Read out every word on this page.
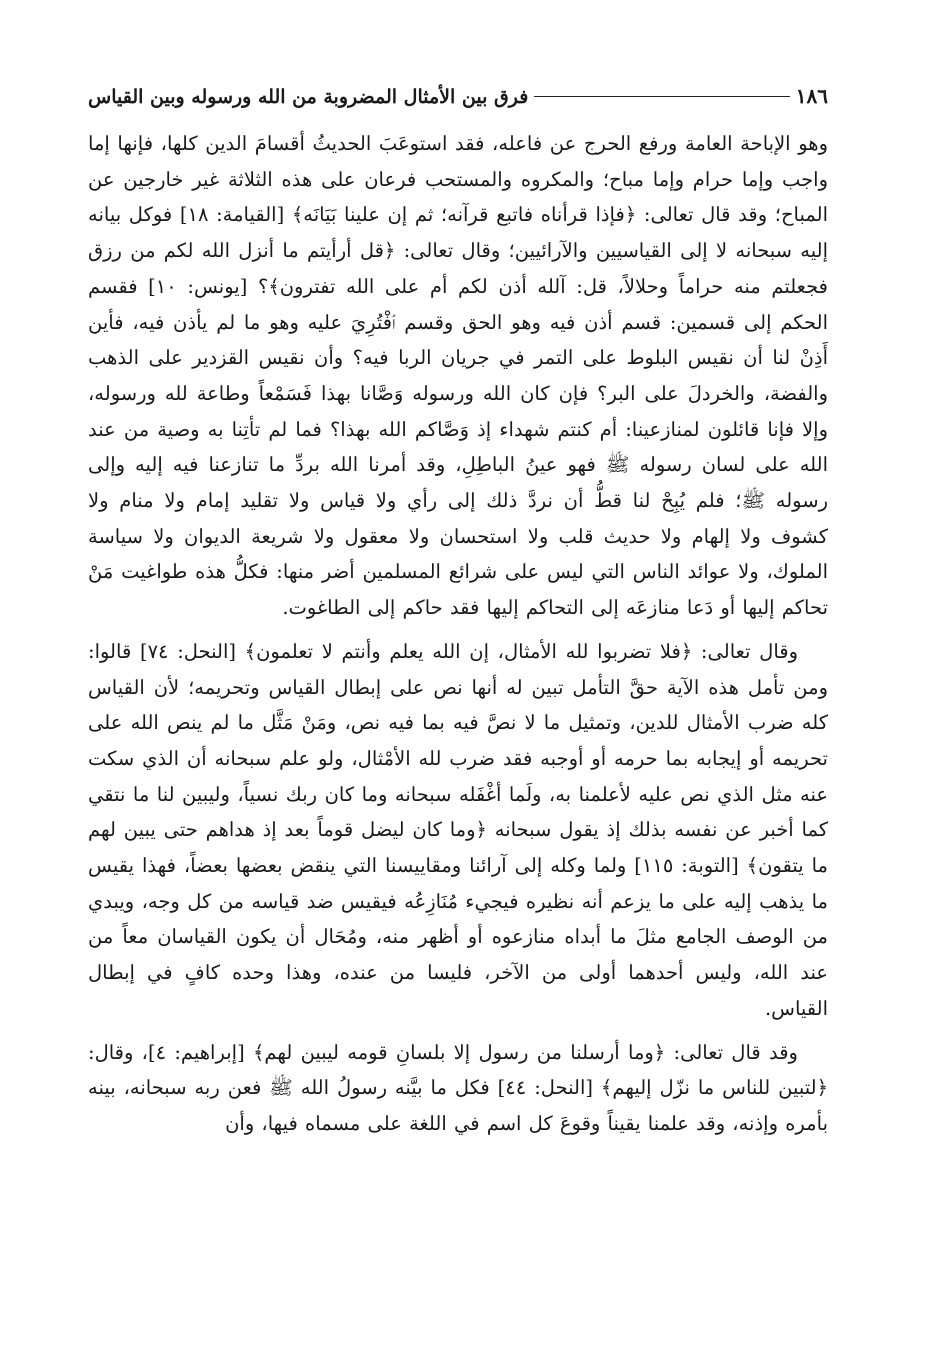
١٨٦
فرق بين الأمثال المضروبة من الله ورسوله وبين القياس

وهو الإباحة العامة ورفع الحرج عن فاعله، فقد استوعَبَ الحديثُ أقسامَ الدين كلها، فإنها إما واجب وإما حرام وإما مباح؛ والمكروه والمستحب فرعان على هذه الثلاثة غير خارجين عن المباح؛ وقد قال تعالى: ﴿فإذا قرأناه فاتبع قرآنه؛ ثم إن علينا بَيَانَه﴾ [القيامة: ١٨] فوكل بيانه إليه سبحانه لا إلى القياسيين والآرائيين؛ وقال تعالى: ﴿قل أرأيتم ما أنزل الله لكم من رزق فجعلتم منه حراماً وحلالاً، قل: آلله أذن لكم أم على الله تفترون﴾؟ [يونس: ١٠] فقسم الحكم إلى قسمين: قسم أذن فيه وهو الحق وقسم ٱفْتُرِيَ عليه وهو ما لم يأذن فيه، فأين أَذِنْ لنا أن نقيس البلوط على التمر في جريان الربا فيه؟ وأن نقيس القزدير على الذهب والفضة، والخردلَ على البر؟ فإن كان الله ورسوله وَصَّانا بهذا فَسَمْعاً وطاعة لله ورسوله، وإلا فإنا قائلون لمنازعينا: أم كنتم شهداء إذ وَصَّاكم الله بهذا؟ فما لم تأتِنا به وصية من عند الله على لسان رسوله ﷺ فهو عينُ الباطِلِ، وقد أمرنا الله بردِّ ما تنازعنا فيه إليه وإلى رسوله ﷺ؛ فلم يُبِحْ لنا قطُّ أن نردَّ ذلك إلى رأي ولا قياس ولا تقليد إمام ولا منام ولا كشوف ولا إلهام ولا حديث قلب ولا استحسان ولا معقول ولا شريعة الديوان ولا سياسة الملوك، ولا عوائد الناس التي ليس على شرائع المسلمين أضر منها: فكلُّ هذه طواغيت مَنْ تحاكم إليها أو دَعا منازعَه إلى التحاكم إليها فقد حاكم إلى الطاغوت.

وقال تعالى: ﴿فلا تضربوا لله الأمثال، إن الله يعلم وأنتم لا تعلمون﴾ [النحل: ٧٤] قالوا: ومن تأمل هذه الآية حقَّ التأمل تبين له أنها نص على إبطال القياس وتحريمه؛ لأن القياس كله ضرب الأمثال للدين، وتمثيل ما لا نصَّ فيه بما فيه نص، ومَنْ مَثَّل ما لم ينص الله على تحريمه أو إيجابه بما حرمه أو أوجبه فقد ضرب لله الأمْثال، ولو علم سبحانه أن الذي سكت عنه مثل الذي نص عليه لأعلمنا به، ولَما أغْفَله سبحانه وما كان ربك نسياً، وليبين لنا ما نتقي كما أخبر عن نفسه بذلك إذ يقول سبحانه ﴿وما كان ليضل قوماً بعد إذ هداهم حتى يبين لهم ما يتقون﴾ [التوبة: ١١٥] ولما وكله إلى آرائنا ومقاييسنا التي ينقض بعضها بعضاً، فهذا يقيس ما يذهب إليه على ما يزعم أنه نظيره فيجيء مُنَازِعُه فيقيس ضد قياسه من كل وجه، ويبدي من الوصف الجامع مثلَ ما أبداه منازعوه أو أظهر منه، ومُحَال أن يكون القياسان معاً من عند الله، وليس أحدهما أولى من الآخر، فليسا من عنده، وهذا وحده كافٍ في إبطال القياس.

وقد قال تعالى: ﴿وما أرسلنا من رسول إلا بلسانِ قومه ليبين لهم﴾ [إبراهيم: ٤]، وقال: ﴿لتبين للناس ما نزّل إليهم﴾ [النحل: ٤٤] فكل ما بيَّنه رسولُ الله ﷺ فعن ربه سبحانه، بينه بأمره وإذنه، وقد علمنا يقيناً وقوعَ كل اسم في اللغة على مسماه فيها، وأن
